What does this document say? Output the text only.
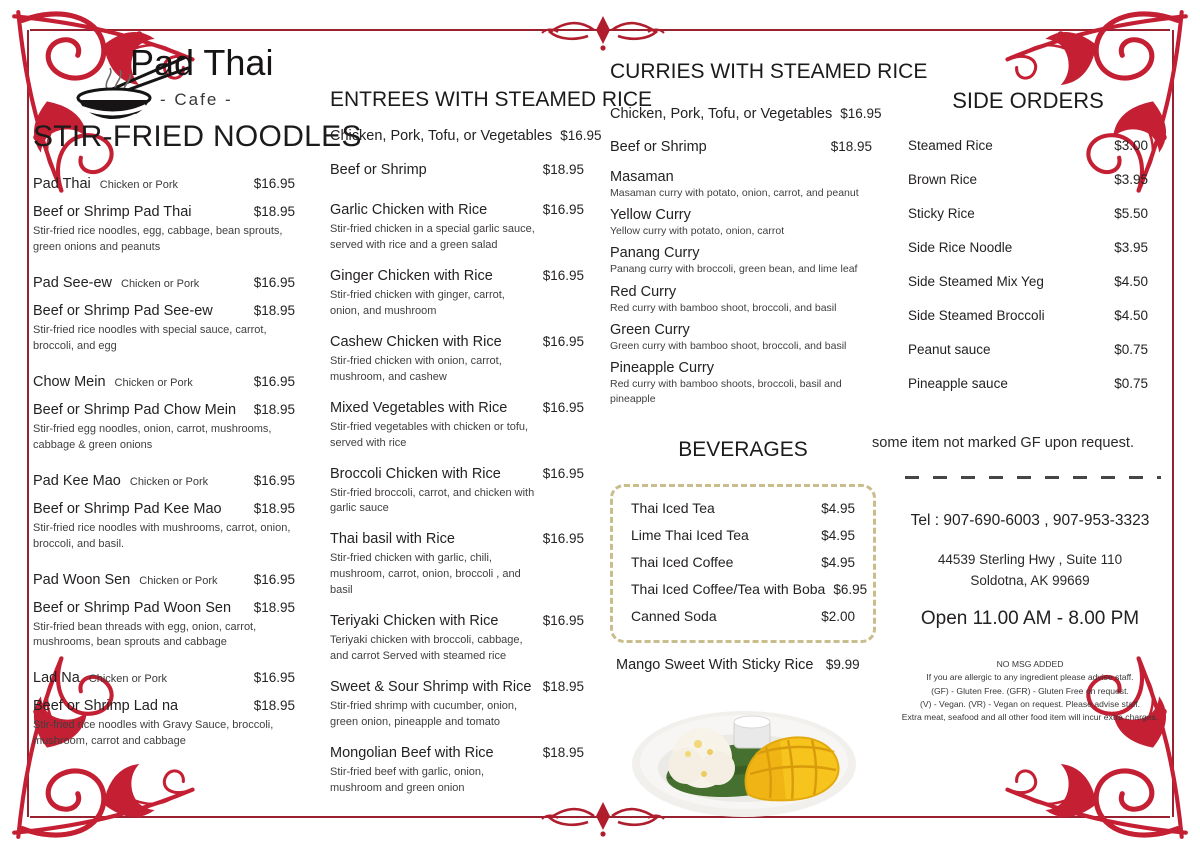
Pad Thai
- Cafe -
STIR-FRIED NOODLES
Pad Thai Chicken or Pork	$16.95
Beef or Shrimp Pad Thai	$18.95
Stir-fried rice noodles, egg, cabbage, bean sprouts, green onions and peanuts
Pad See-ew Chicken or Pork	$16.95
Beef or Shrimp Pad See-ew	$18.95
Stir-fried rice noodles with special sauce, carrot, broccoli, and egg
Chow Mein Chicken or Pork	$16.95
Beef or Shrimp Pad Chow Mein	$18.95
Stir-fried egg noodles, onion, carrot, mushrooms, cabbage & green onions
Pad Kee Mao Chicken or Pork	$16.95
Beef or Shrimp Pad Kee Mao	$18.95
Stir-fried rice noodles with mushrooms, carrot, onion, broccoli, and basil.
Pad Woon Sen Chicken or Pork	$16.95
Beef or Shrimp Pad Woon Sen	$18.95
Stir-fried bean threads with egg, onion, carrot, mushrooms, bean sprouts and cabbage
Lad Na Chicken or Pork	$16.95
Beef or Shrimp Lad na	$18.95
Stir-fried rice noodles with Gravy Sauce, broccoli, mushroom, carrot and cabbage
ENTREES WITH STEAMED RICE
Chicken, Pork, Tofu, or Vegetables $16.95
Beef or Shrimp	$18.95
Garlic Chicken with Rice	$16.95
Stir-fried chicken in a special garlic sauce, served with rice and a green salad
Ginger Chicken with Rice	$16.95
Stir-fried chicken with ginger, carrot, onion, and mushroom
Cashew Chicken with Rice	$16.95
Stir-fried chicken with onion, carrot, mushroom, and cashew
Mixed Vegetables with Rice	$16.95
Stir-fried vegetables with chicken or tofu, served with rice
Broccoli Chicken with Rice	$16.95
Stir-fried broccoli, carrot, and chicken with garlic sauce
Thai basil with Rice	$16.95
Stir-fried chicken with garlic, chili, mushroom, carrot, onion, broccoli , and basil
Teriyaki Chicken with Rice	$16.95
Teriyaki chicken with broccoli, cabbage, and carrot Served with steamed rice
Sweet & Sour Shrimp with Rice $18.95
Stir-fried shrimp with cucumber, onion, green onion, pineapple and tomato
Mongolian Beef with Rice	$18.95
Stir-fried beef with garlic, onion, mushroom and green onion
CURRIES WITH STEAMED RICE
Chicken, Pork, Tofu, or Vegetables $16.95
Beef or Shrimp	$18.95
Masaman
Masaman curry with potato, onion, carrot, and peanut
Yellow Curry
Yellow curry with potato, onion, carrot
Panang Curry
Panang curry with broccoli, green bean, and lime leaf
Red Curry
Red curry with bamboo shoot, broccoli, and basil
Green Curry
Green curry with bamboo shoot, broccoli, and basil
Pineapple Curry
Red curry with bamboo shoots, broccoli, basil and pineapple
BEVERAGES
Thai Iced Tea	$4.95
Lime Thai Iced Tea	$4.95
Thai Iced Coffee	$4.95
Thai Iced Coffee/Tea with Boba $6.95
Canned Soda	$2.00
Mango Sweet With Sticky Rice $9.99
SIDE ORDERS
Steamed Rice	$3.00
Brown Rice	$3.95
Sticky Rice	$5.50
Side Rice Noodle	$3.95
Side Steamed Mix Yeg	$4.50
Side Steamed Broccoli	$4.50
Peanut sauce	$0.75
Pineapple sauce	$0.75
some item not marked GF upon request.
Tel : 907-690-6003 , 907-953-3323
44539 Sterling Hwy , Suite 110
Soldotna, AK 99669
Open 11.00 AM - 8.00 PM
NO MSG ADDED
If you are allergic to any ingredient please advise staff.
(GF) - Gluten Free. (GFR) - Gluten Free on request.
(V) - Vegan. (VR) - Vegan on request. Please advise staff.
Extra meat, seafood and all other food item will incur extra charges.
